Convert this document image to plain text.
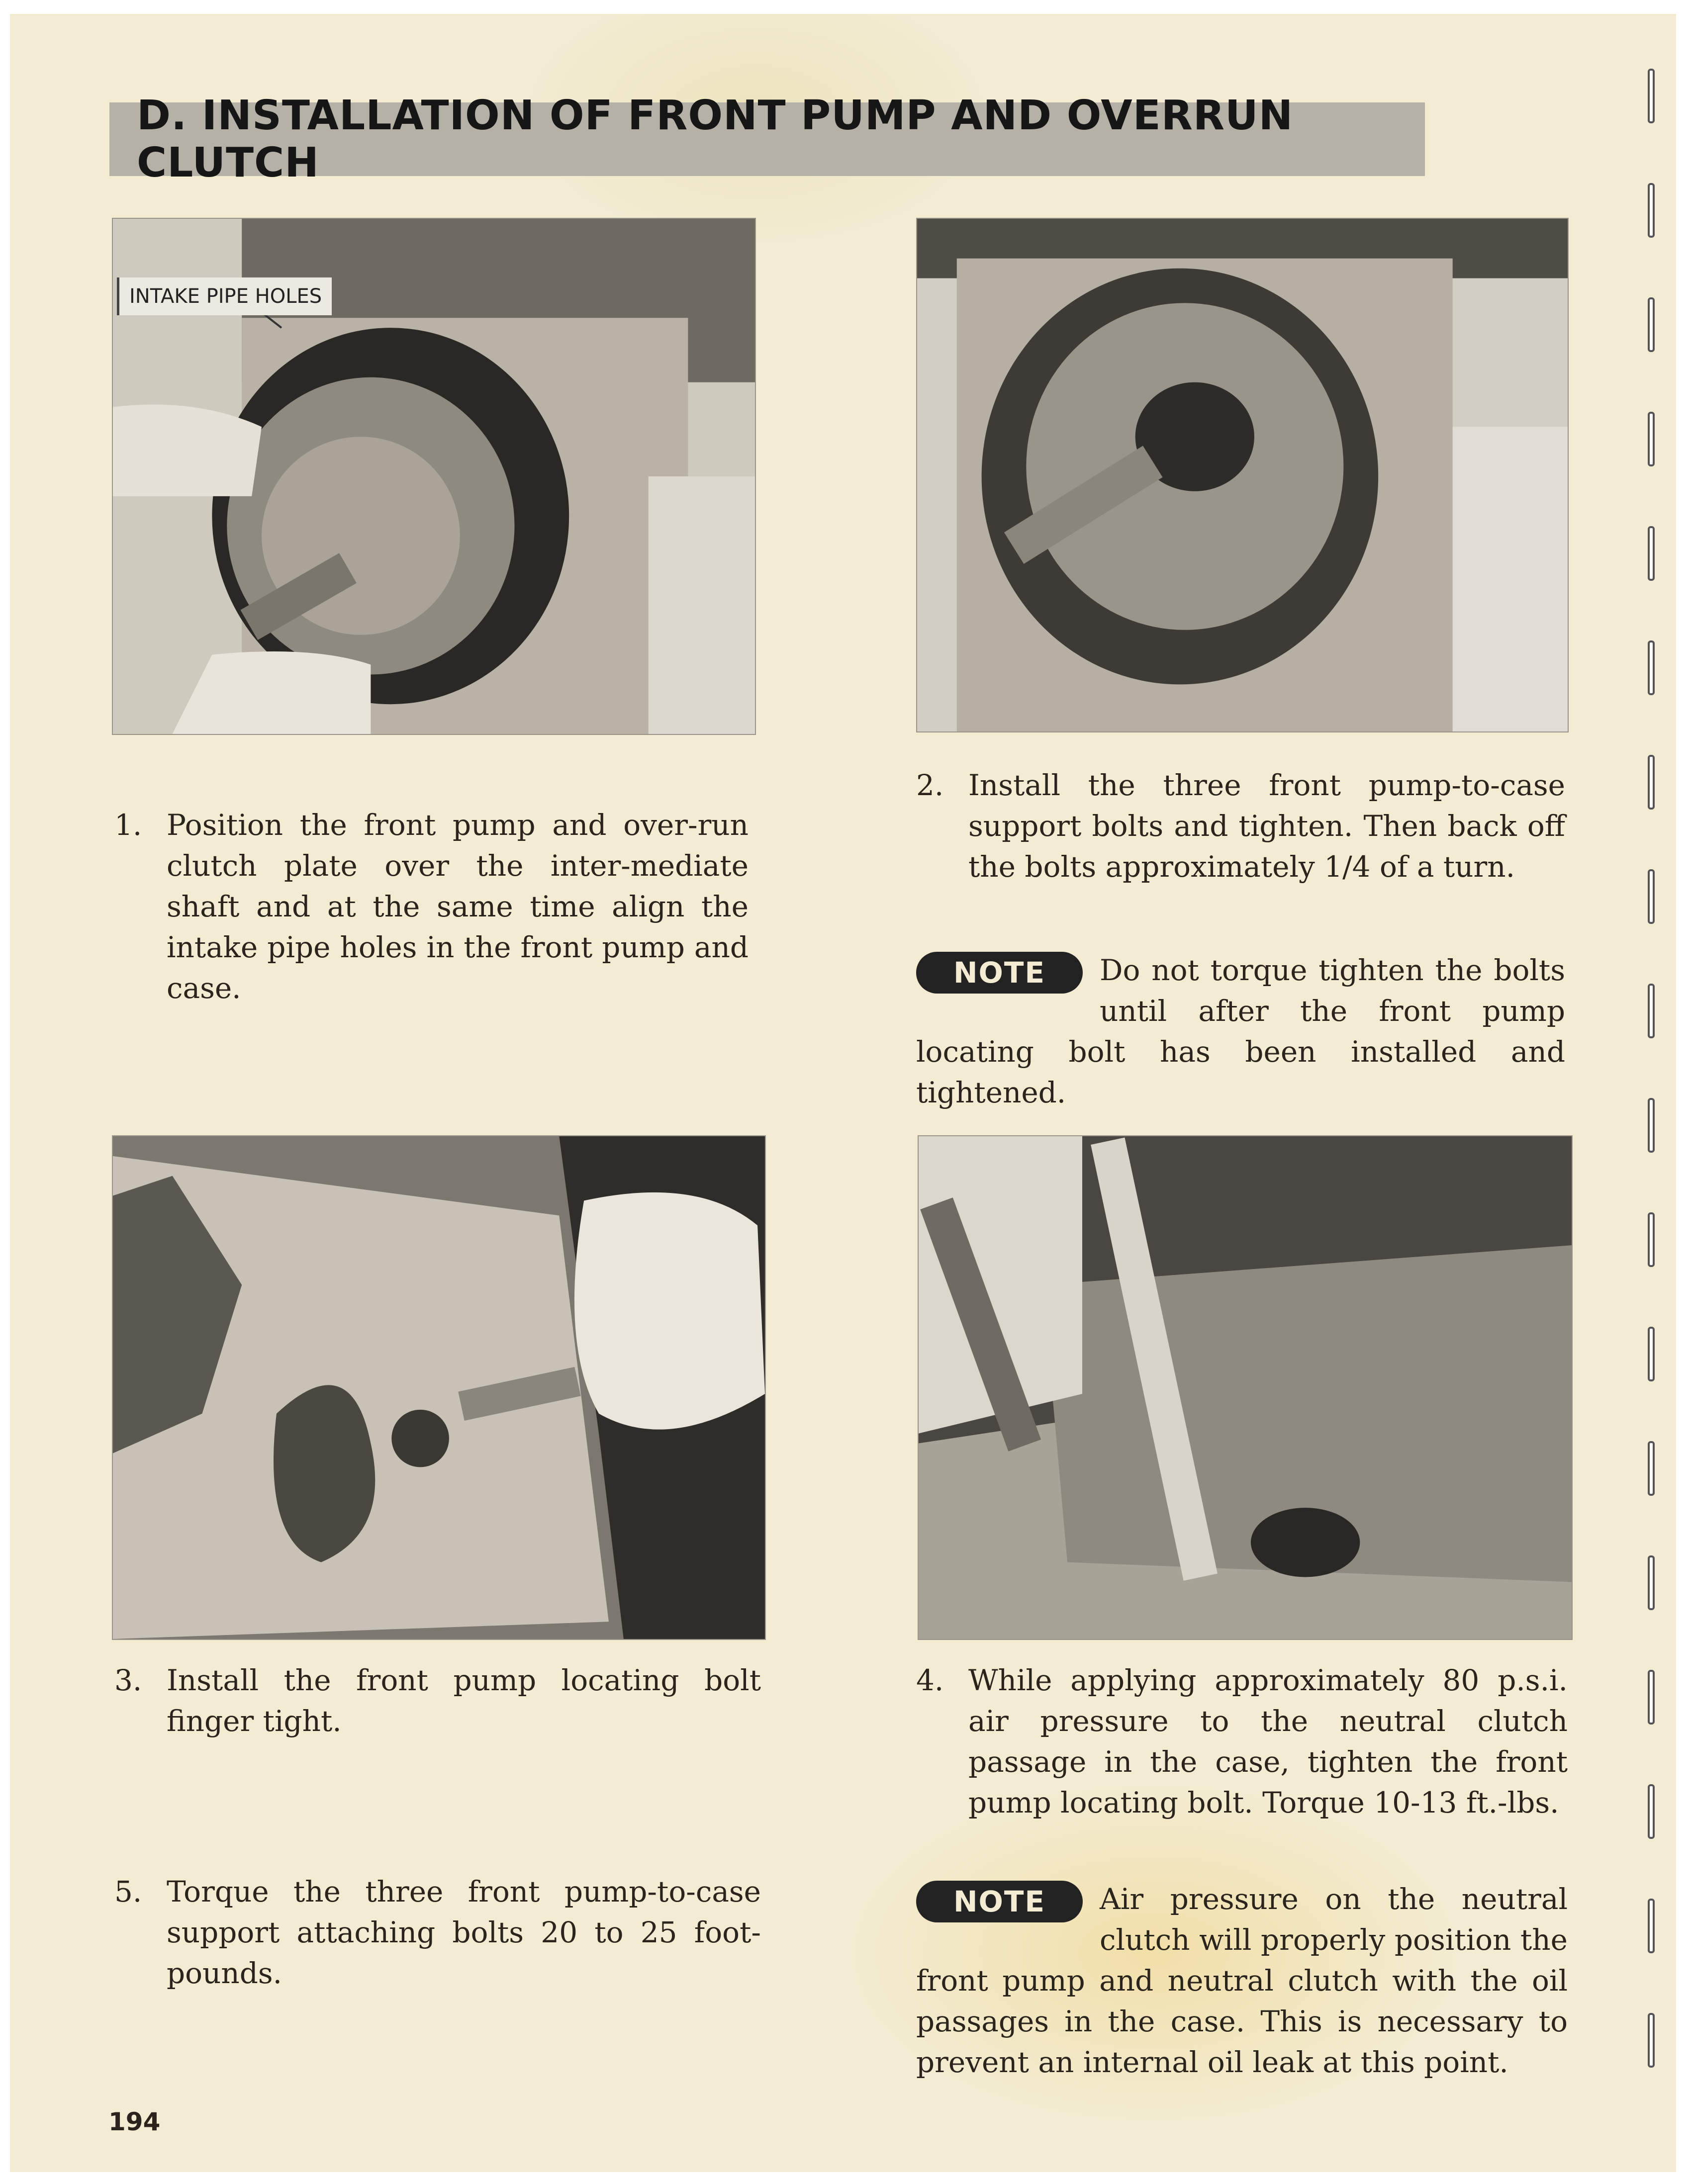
D. INSTALLATION OF FRONT PUMP AND OVERRUN CLUTCH
INTAKE PIPE HOLES
1. Position the front pump and over-run clutch plate over the inter-mediate shaft and at the same time align the intake pipe holes in the front pump and case.
2. Install the three front pump-to-case support bolts and tighten. Then back off the bolts approximately 1/4 of a turn.
NOTE	Do not torque tighten the bolts until after the front pump locating bolt has been installed and tightened.
3. Install the front pump locating bolt finger tight.
4. While applying approximately 80 p.s.i. air pressure to the neutral clutch passage in the case, tighten the front pump locating bolt. Torque 10-13 ft.-lbs.
5. Torque the three front pump-to-case support attaching bolts 20 to 25 foot-pounds.
NOTE	Air pressure on the neutral clutch will properly position the front pump and neutral clutch with the oil passages in the case. This is necessary to prevent an internal oil leak at this point.
194
